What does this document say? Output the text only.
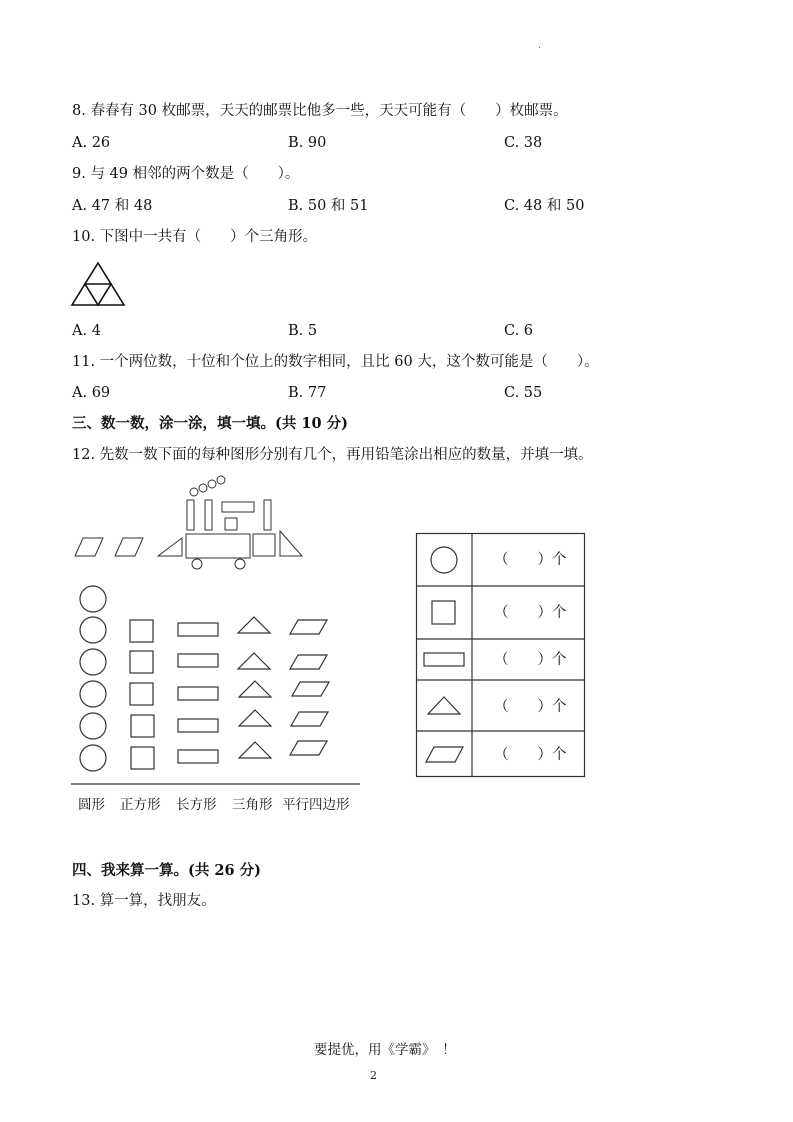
.
8. 春春有 30 枚邮票，天天的邮票比他多一些，天天可能有（　　）枚邮票。
A. 26	B. 90	C. 38
9. 与 49 相邻的两个数是（　　）。
A. 47 和 48	B. 50 和 51	C. 48 和 50
10. 下图中一共有（　　）个三角形。
A. 4	B. 5	C. 6
11. 一个两位数，十位和个位上的数字相同，且比 60 大，这个数可能是（　　）。
A. 69	B. 77	C. 55
三、数一数，涂一涂，填一填。(共 10 分)
12. 先数一数下面的每种图形分别有几个，再用铅笔涂出相应的数量，并填一填。
圆形 正方形 长方形 三角形 平行四边形
（　　）个
（　　）个
（　　）个
（　　）个
（　　）个
四、我来算一算。(共 26 分)
13. 算一算，找朋友。
要提优，用《学霸》　！
2
